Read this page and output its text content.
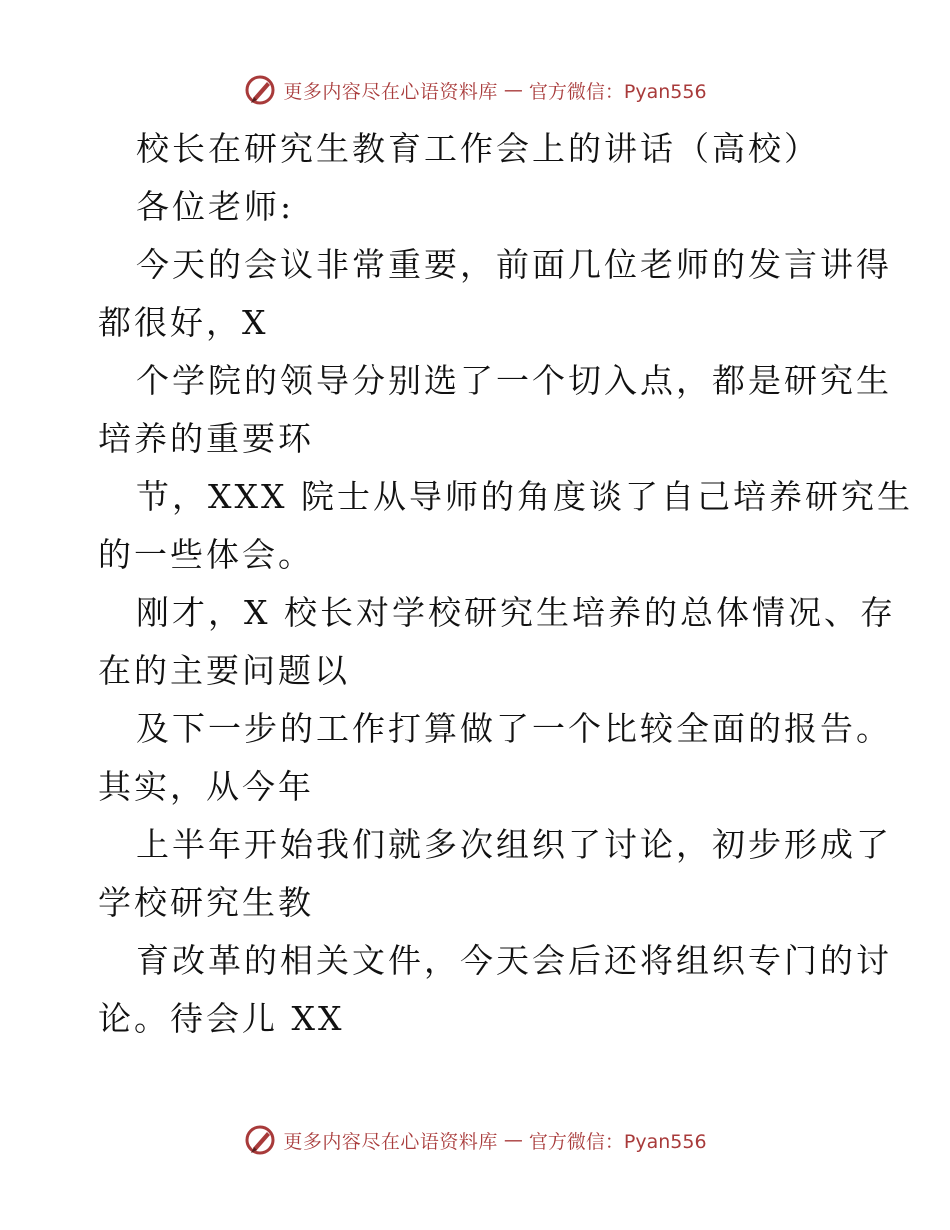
更多内容尽在心语资料库 — 官方微信：Pyan556
校长在研究生教育工作会上的讲话（高校）
各位老师:
今天的会议非常重要，前面几位老师的发言讲得
都很好，X
个学院的领导分别选了一个切入点，都是研究生
培养的重要环
节，XXX 院士从导师的角度谈了自己培养研究生
的一些体会。
刚才，X 校长对学校研究生培养的总体情况、存
在的主要问题以
及下一步的工作打算做了一个比较全面的报告。
其实，从今年
上半年开始我们就多次组织了讨论，初步形成了
学校研究生教
育改革的相关文件，今天会后还将组织专门的讨
论。待会儿 XX
更多内容尽在心语资料库 — 官方微信：Pyan556
